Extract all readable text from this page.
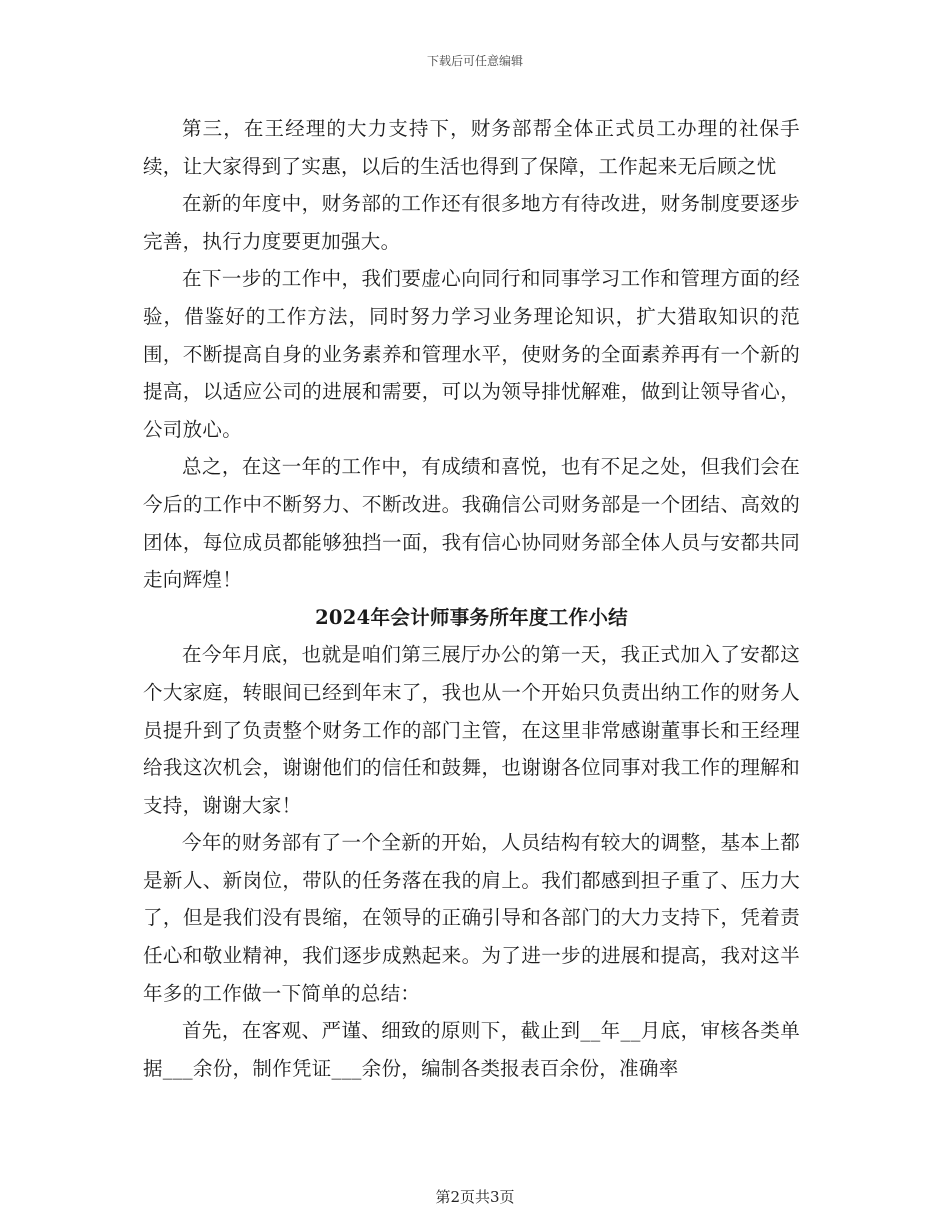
下载后可任意编辑

第三，在王经理的大力支持下，财务部帮全体正式员工办理的社保手续，让大家得到了实惠，以后的生活也得到了保障，工作起来无后顾之忧

在新的年度中，财务部的工作还有很多地方有待改进，财务制度要逐步完善，执行力度要更加强大。

在下一步的工作中，我们要虚心向同行和同事学习工作和管理方面的经验，借鉴好的工作方法，同时努力学习业务理论知识，扩大猎取知识的范围，不断提高自身的业务素养和管理水平，使财务的全面素养再有一个新的提高，以适应公司的进展和需要，可以为领导排忧解难，做到让领导省心，公司放心。

总之，在这一年的工作中，有成绩和喜悦，也有不足之处，但我们会在今后的工作中不断努力、不断改进。我确信公司财务部是一个团结、高效的团体，每位成员都能够独挡一面，我有信心协同财务部全体人员与安都共同走向辉煌！

2024年会计师事务所年度工作小结

在今年月底，也就是咱们第三展厅办公的第一天，我正式加入了安都这个大家庭，转眼间已经到年末了，我也从一个开始只负责出纳工作的财务人员提升到了负责整个财务工作的部门主管，在这里非常感谢董事长和王经理给我这次机会，谢谢他们的信任和鼓舞，也谢谢各位同事对我工作的理解和支持，谢谢大家！

今年的财务部有了一个全新的开始，人员结构有较大的调整，基本上都是新人、新岗位，带队的任务落在我的肩上。我们都感到担子重了、压力大了，但是我们没有畏缩，在领导的正确引导和各部门的大力支持下，凭着责任心和敬业精神，我们逐步成熟起来。为了进一步的进展和提高，我对这半年多的工作做一下简单的总结：

首先，在客观、严谨、细致的原则下，截止到__年__月底，审核各类单据___余份，制作凭证___余份，编制各类报表百余份，准确率

第2页共3页
